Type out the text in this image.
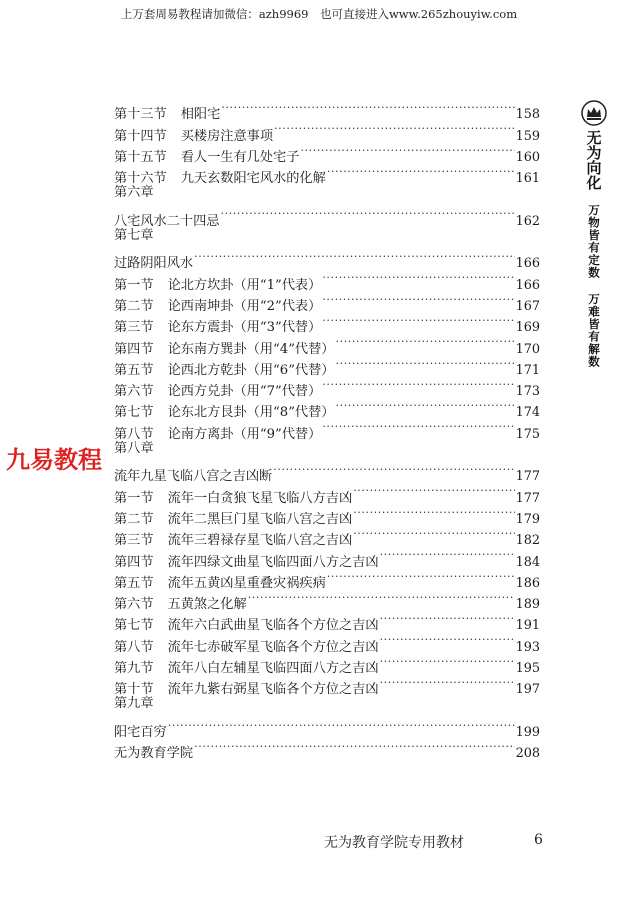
上万套周易教程请加微信：azh9969　也可直接进入www.265zhouyiw.com
第十三节 相阳宅 ·····	158
第十四节 买楼房注意事项 ·····	159
第十五节 看人一生有几处宅子 ·····	160
第十六节 九天玄数阳宅风水的化解 ·····	161
第六章
八宅风水二十四忌 ·····	162
第七章
过路阴阳风水 ·····	166
第一节 论北方坎卦（用“1”代表） ·····	166
第二节 论西南坤卦（用“2”代表） ·····	167
第三节 论东方震卦（用“3”代替） ·····	169
第四节 论东南方巽卦（用“4”代替） ·····	170
第五节 论西北方乾卦（用“6”代替） ·····	171
第六节 论西方兑卦（用“7”代替） ·····	173
第七节 论东北方艮卦（用“8”代替） ·····	174
第八节 论南方离卦（用“9”代替） ·····	175
第八章
流年九星飞临八宫之吉凶断 ·····	177
第一节 流年一白贪狼飞星飞临八方吉凶 ·····	177
第二节 流年二黑巨门星飞临八宫之吉凶 ·····	179
第三节 流年三碧禄存星飞临八宫之吉凶 ·····	182
第四节 流年四绿文曲星飞临四面八方之吉凶 ·····	184
第五节 流年五黄凶星重叠灾祸疾病 ·····	186
第六节 五黄煞之化解 ·····	189
第七节 流年六白武曲星飞临各个方位之吉凶 ·····	191
第八节 流年七赤破军星飞临各个方位之吉凶 ·····	193
第九节 流年八白左辅星飞临四面八方之吉凶 ·····	195
第十节 流年九紫右弼星飞临各个方位之吉凶 ·····	197
第九章
阳宅百穷 ·····	199
无为教育学院 ·····	208
九易教程
无为向化
万物皆有定数
万难皆有解数
无为教育学院专用教材	6
